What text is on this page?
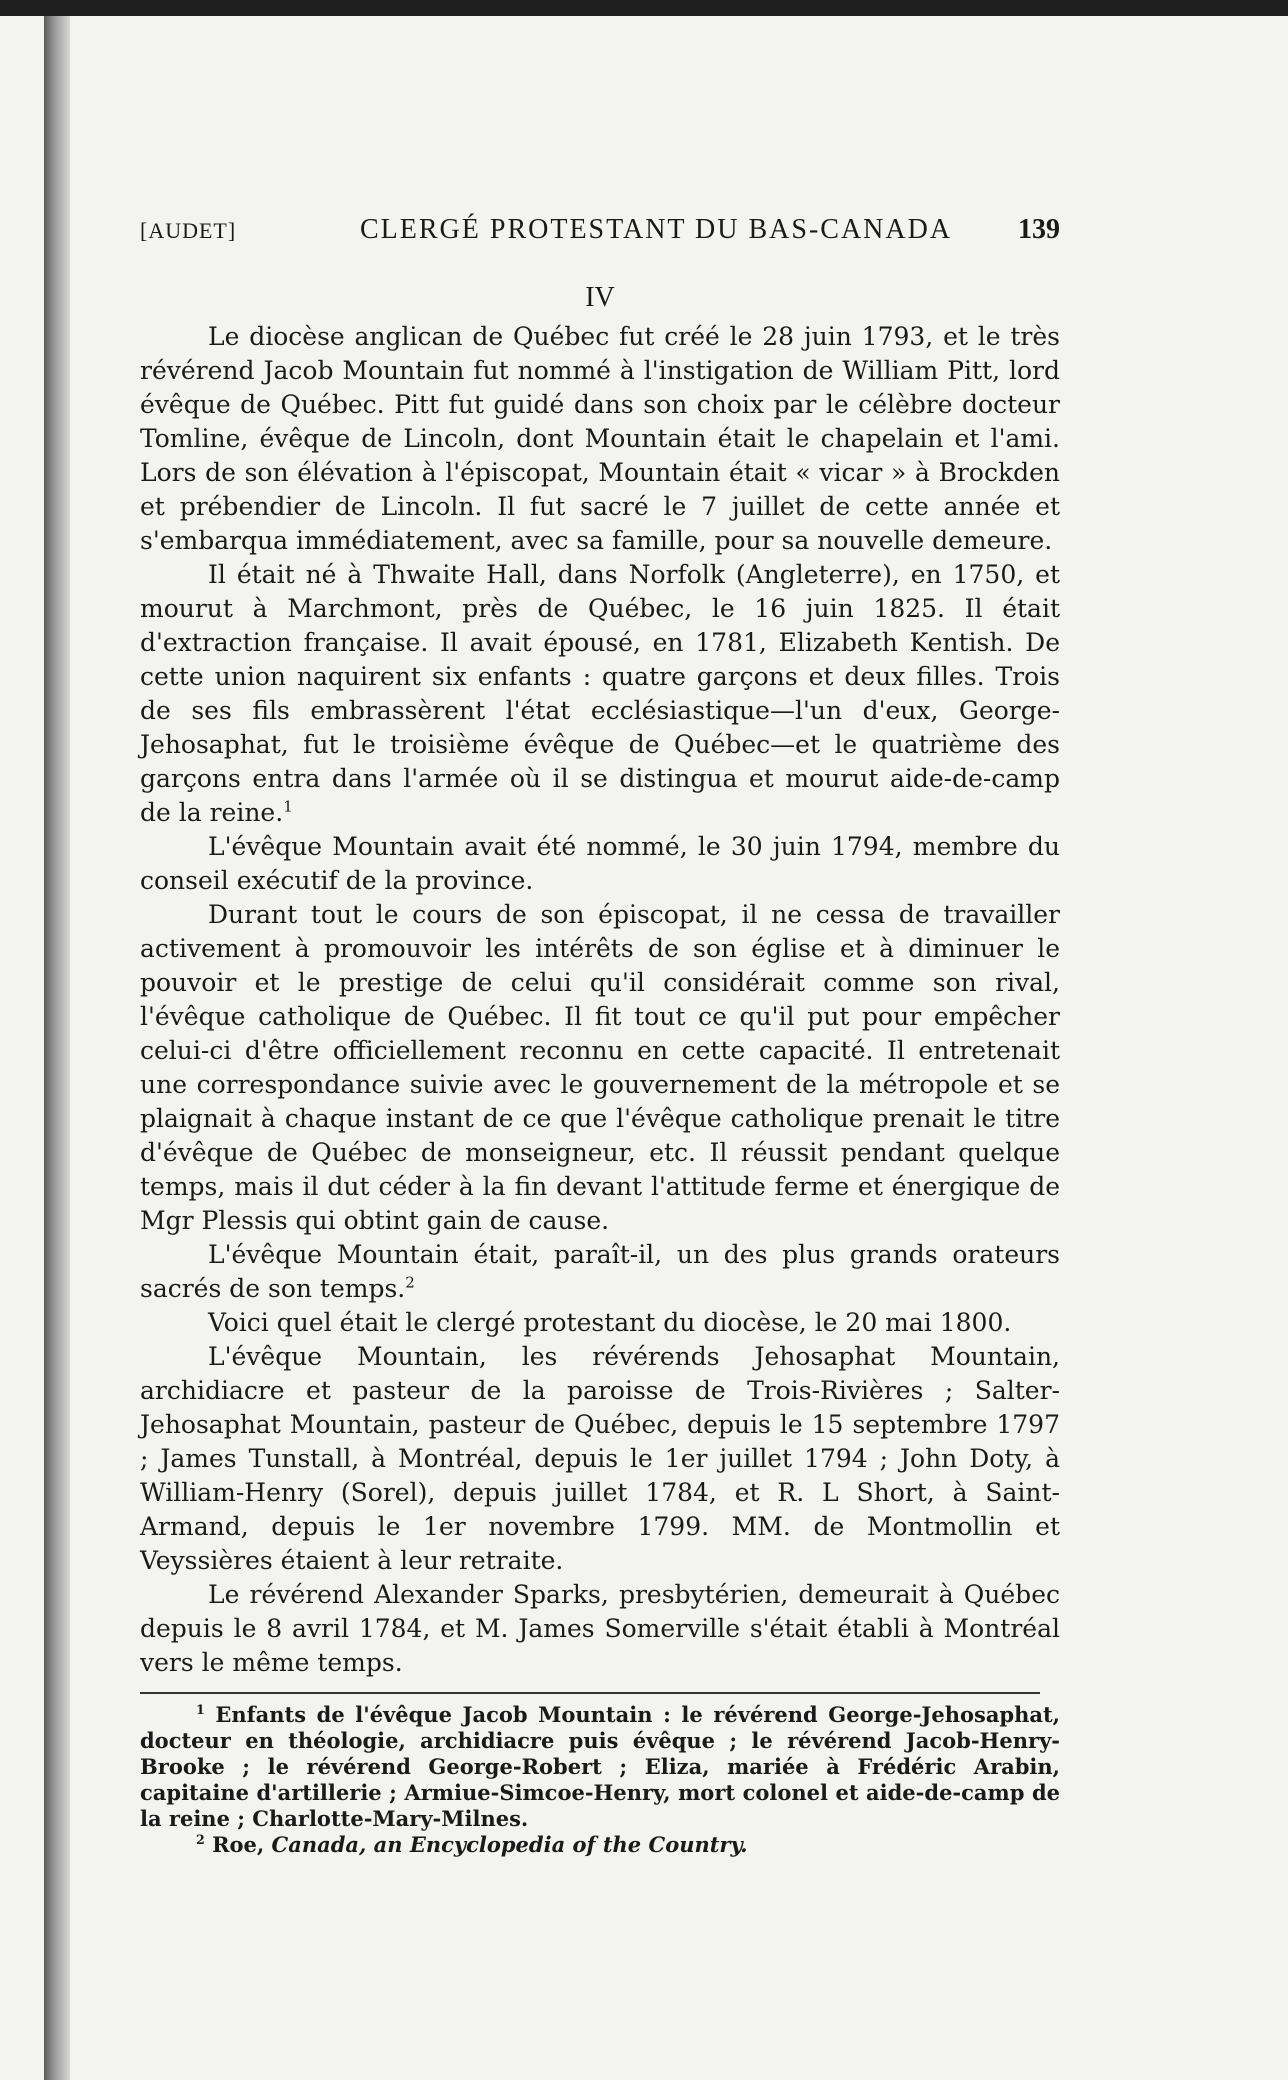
[AUDET]	CLERGÉ PROTESTANT DU BAS-CANADA 139
IV

Le diocèse anglican de Québec fut créé le 28 juin 1793, et le très révérend Jacob Mountain fut nommé à l'instigation de William Pitt, lord évêque de Québec. Pitt fut guidé dans son choix par le célèbre docteur Tomline, évêque de Lincoln, dont Mountain était le chapelain et l'ami. Lors de son élévation à l'épiscopat, Mountain était « vicar » à Brockden et prébendier de Lincoln. Il fut sacré le 7 juillet de cette année et s'embarqua immédiatement, avec sa famille, pour sa nouvelle demeure.

Il était né à Thwaite Hall, dans Norfolk (Angleterre), en 1750, et mourut à Marchmont, près de Québec, le 16 juin 1825. Il était d'extraction française. Il avait épousé, en 1781, Elizabeth Kentish. De cette union naquirent six enfants : quatre garçons et deux filles. Trois de ses fils embrassèrent l'état ecclésiastique—l'un d'eux, George-Jehosaphat, fut le troisième évêque de Québec—et le quatrième des garçons entra dans l'armée où il se distingua et mourut aide-de-camp de la reine.$^1$

L'évêque Mountain avait été nommé, le 30 juin 1794, membre du conseil exécutif de la province.

Durant tout le cours de son épiscopat, il ne cessa de travailler activement à promouvoir les intérêts de son église et à diminuer le pouvoir et le prestige de celui qu'il considérait comme son rival, l'évêque catholique de Québec. Il fit tout ce qu'il put pour empêcher celui-ci d'être officiellement reconnu en cette capacité. Il entretenait une correspondance suivie avec le gouvernement de la métropole et se plaignait à chaque instant de ce que l'évêque catholique prenait le titre d'évêque de Québec de monseigneur, etc. Il réussit pendant quelque temps, mais il dut céder à la fin devant l'attitude ferme et énergique de Mgr Plessis qui obtint gain de cause.

L'évêque Mountain était, paraît-il, un des plus grands orateurs sacrés de son temps.$^2$

Voici quel était le clergé protestant du diocèse, le 20 mai 1800.

L'évêque Mountain, les révérends Jehosaphat Mountain, archidiacre et pasteur de la paroisse de Trois-Rivières ; Salter-Jehosaphat Mountain, pasteur de Québec, depuis le 15 septembre 1797 ; James Tunstall, à Montréal, depuis le 1er juillet 1794 ; John Doty, à William-Henry (Sorel), depuis juillet 1784, et R. L Short, à Saint-Armand, depuis le 1er novembre 1799. MM. de Montmollin et Veyssières étaient à leur retraite.

Le révérend Alexander Sparks, presbytérien, demeurait à Québec depuis le 8 avril 1784, et M. James Somerville s'était établi à Montréal vers le même temps.

$^1$ Enfants de l'évêque Jacob Mountain : le révérend George-Jehosaphat, docteur en théologie, archidiacre puis évêque ; le révérend Jacob-Henry-Brooke ; le révérend George-Robert ; Eliza, mariée à Frédéric Arabin, capitaine d'artillerie ; Armiue-Simcoe-Henry, mort colonel et aide-de-camp de la reine ; Charlotte-Mary-Milnes.

$^2$ Roe, Canada, an Encyclopedia of the Country.
